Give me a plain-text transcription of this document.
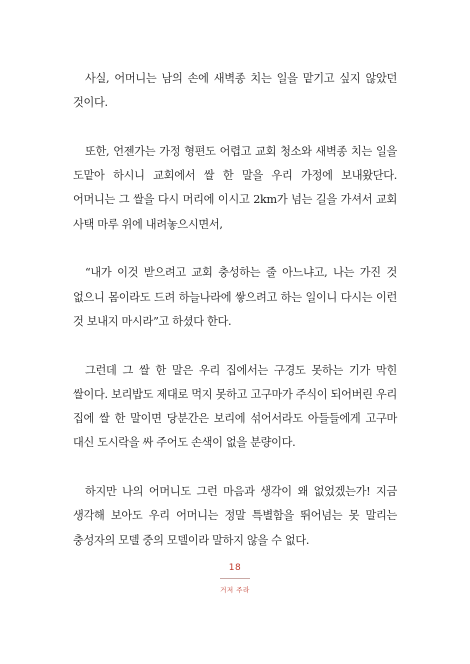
사실, 어머니는 남의 손에 새벽종 치는 일을 맡기고 싶지 않았던 것이다.

또한, 언젠가는 가정 형편도 어렵고 교회 청소와 새벽종 치는 일을 도맡아 하시니 교회에서 쌀 한 말을 우리 가정에 보내왔단다. 어머니는 그 쌀을 다시 머리에 이시고 2km가 넘는 길을 가셔서 교회 사택 마루 위에 내려놓으시면서,

“내가 이것 받으려고 교회 충성하는 줄 아느냐고, 나는 가진 것 없으니 몸이라도 드려 하늘나라에 쌓으려고 하는 일이니 다시는 이런 것 보내지 마시라”고 하셨다 한다.

그런데 그 쌀 한 말은 우리 집에서는 구경도 못하는 기가 막힌 쌀이다. 보리밥도 제대로 먹지 못하고 고구마가 주식이 되어버린 우리 집에 쌀 한 말이면 당분간은 보리에 섞어서라도 아들들에게 고구마 대신 도시락을 싸 주어도 손색이 없을 분량이다.

하지만 나의 어머니도 그런 마음과 생각이 왜 없었겠는가! 지금 생각해 보아도 우리 어머니는 정말 특별함을 뛰어넘는 못 말리는 충성자의 모델 중의 모델이라 말하지 않을 수 없다.

18
거저 주라
